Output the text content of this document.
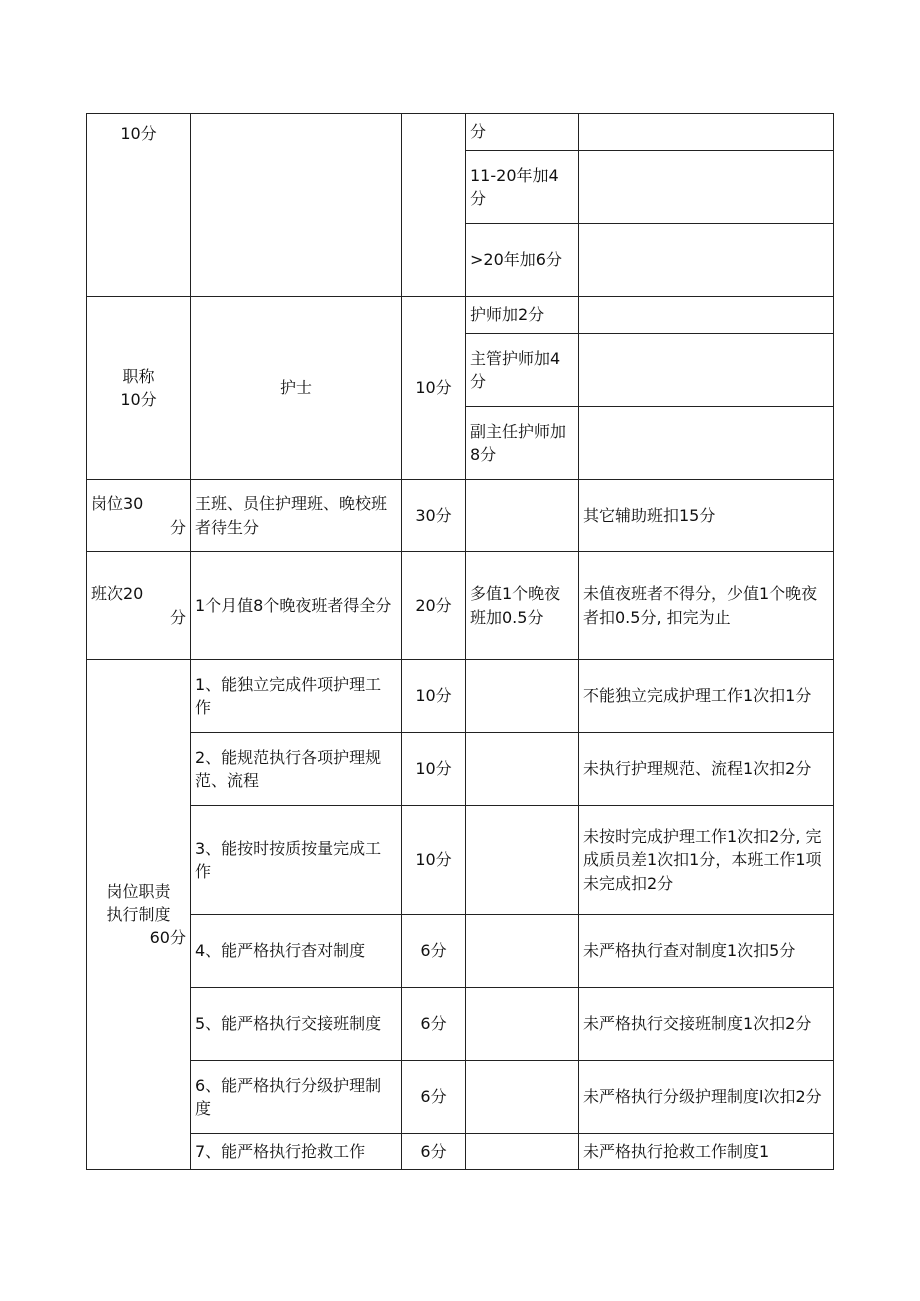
10分			分	
			11-20年加4分	
			>20年加6分	

职称
10分	护士	10分	护师加2分	
			主管护师加4分	
			副主任护师加8分	

岗位30
分	王班、员住护理班、晚校班者待生分	30分		其它辅助班扣15分

班次20
分	1个月值8个晚夜班者得全分	20分	多值1个晚夜班加0.5分	未值夜班者不得分，少值1个晚夜者扣0.5分, 扣完为止

岗位职责
执行制度
60分	1、能独立完成件项护理工作	10分		不能独立完成护理工作1次扣1分
	2、能规范执行各项护理规范、流程	10分		未执行护理规范、流程1次扣2分
	3、能按时按质按量完成工作	10分		未按时完成护理工作1次扣2分, 完成质员差1次扣1分，本班工作1项未完成扣2分
	4、能严格执行杳对制度	6分		未严格执行查对制度1次扣5分
	5、能严格执行交接班制度	6分		未严格执行交接班制度1次扣2分
	6、能严格执行分级护理制度	6分		未严格执行分级护理制度l次扣2分
	7、能严格执行抢救工作	6分		未严格执行抢救工作制度1
